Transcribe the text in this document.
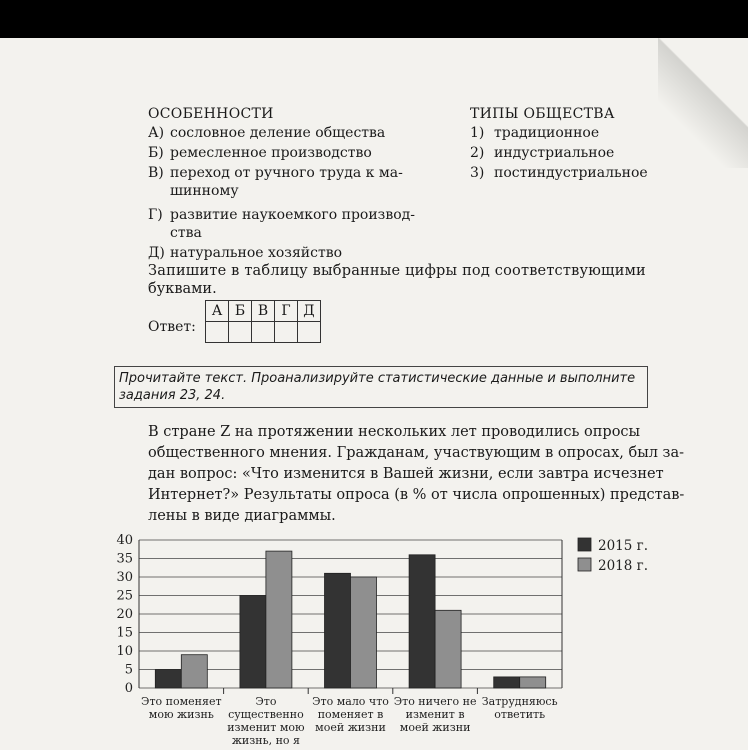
ОСОБЕННОСТИ	ТИПЫ ОБЩЕСТВА
А) сословное деление общества
Б) ремесленное производство
В) переход от ручного труда к ма-
шинному
Г) развитие наукоемкого производ-
ства
Д) натуральное хозяйство
1) традиционное
2) индустриальное
3) постиндустриальное
Запишите в таблицу выбранные цифры под соответствующими
буквами.
Ответ:
А	Б	В	Г	Д

Прочитайте текст. Проанализируйте статистические данные и выполните
задания 23, 24.
В стране Z на протяжении нескольких лет проводились опросы
общественного мнения. Гражданам, участвующим в опросах, был за-
дан вопрос: «Что изменится в Вашей жизни, если завтра исчезнет
Интернет?» Результаты опроса (в % от числа опрошенных) представ-
лены в виде диаграммы.
0
5
10
15
20
25
30
35
40
Это поменяет
мою жизнь
Это
существенно
изменит мою
жизнь, но я
Это мало что
поменяет в
моей жизни
Это ничего не
изменит в
моей жизни
Затрудняюсь
ответить
2015 г.
2018 г.
